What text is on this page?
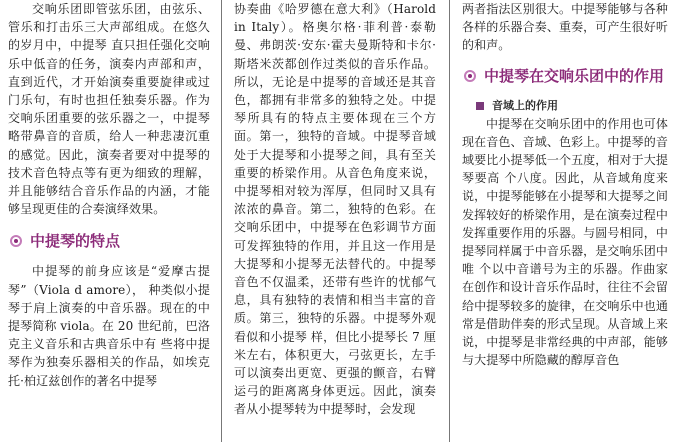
交响乐团即管弦乐团，由弦乐、管乐和打击乐三大声部组成。在悠久的岁月中，中提琴 直只担任强化交响乐中低音的任务，演奏内声部和声，直到近代，才开始演奏重要旋律或过门乐句，有时也担任独奏乐器。作为交响乐团重要的弦乐器之一，中提琴略带鼻音的音质，给人一种悲凄沉重的感觉。因此，演奏者要对中提琴的技术音色特点等有更为细致的理解，并且能够结合音乐作品的内涵，才能够呈现更佳的合奏演绎效果。

中提琴的特点

中提琴的前身应该是“爱摩古提琴”（Viola d amore）， 种类似小提琴于肩上演奏的中音乐器。现在的中提琴简称 viola。在 20 世纪前，巴洛克主义音乐和古典音乐中有 些将中提琴作为独奏乐器相关的作品，如埃克托·柏辽兹创作的著名中提琴

协奏曲《哈罗德在意大利》（Harold in Italy）。格奥尔格·菲利普·泰勒曼、弗朗茨·安东·霍夫曼斯特和卡尔·斯塔米茨都创作过类似的音乐作品。所以，无论是中提琴的音域还是其音色，都拥有非常多的独特之处。中提琴所具有的特点主要体现在三个方面。第一，独特的音域。中提琴音域处于大提琴和小提琴之间，具有至关重要的桥梁作用。从音色角度来说，中提琴相对较为浑厚，但同时又具有浓浓的鼻音。第二，独特的色彩。在交响乐团中，中提琴在色彩调节方面可发挥独特的作用，并且这一作用是大提琴和小提琴无法替代的。中提琴音色不仅温柔，还带有些许的忧郁气息，具有独特的表情和相当丰富的音质。第三，独特的乐器。中提琴外观看似和小提琴 样，但比小提琴长 7 厘米左右，体积更大，弓弦更长，左手可以演奏出更宽、更强的颤音，右臂运弓的距离离身体更远。因此，演奏者从小提琴转为中提琴时，会发现

两者指法区别很大。中提琴能够与各种各样的乐器合奏、重奏，可产生很好听的和声。

中提琴在交响乐团中的作用
音域上的作用

中提琴在交响乐团中的作用也可体现在音色、音域、色彩上。中提琴的音域要比小提琴低一个五度，相对于大提琴要高 个八度。因此，从音域角度来说，中提琴能够在小提琴和大提琴之间发挥较好的桥梁作用，是在演奏过程中发挥重要作用的乐器。与圆号相同，中提琴同样属于中音乐器，是交响乐团中唯 个以中音谱号为主的乐器。作曲家在创作和设计音乐作品时，往往不会留给中提琴较多的旋律，在交响乐中也通常是借助伴奏的形式呈现。从音域上来说，中提琴是非常经典的中声部，能够与大提琴中所隐藏的醇厚音色
